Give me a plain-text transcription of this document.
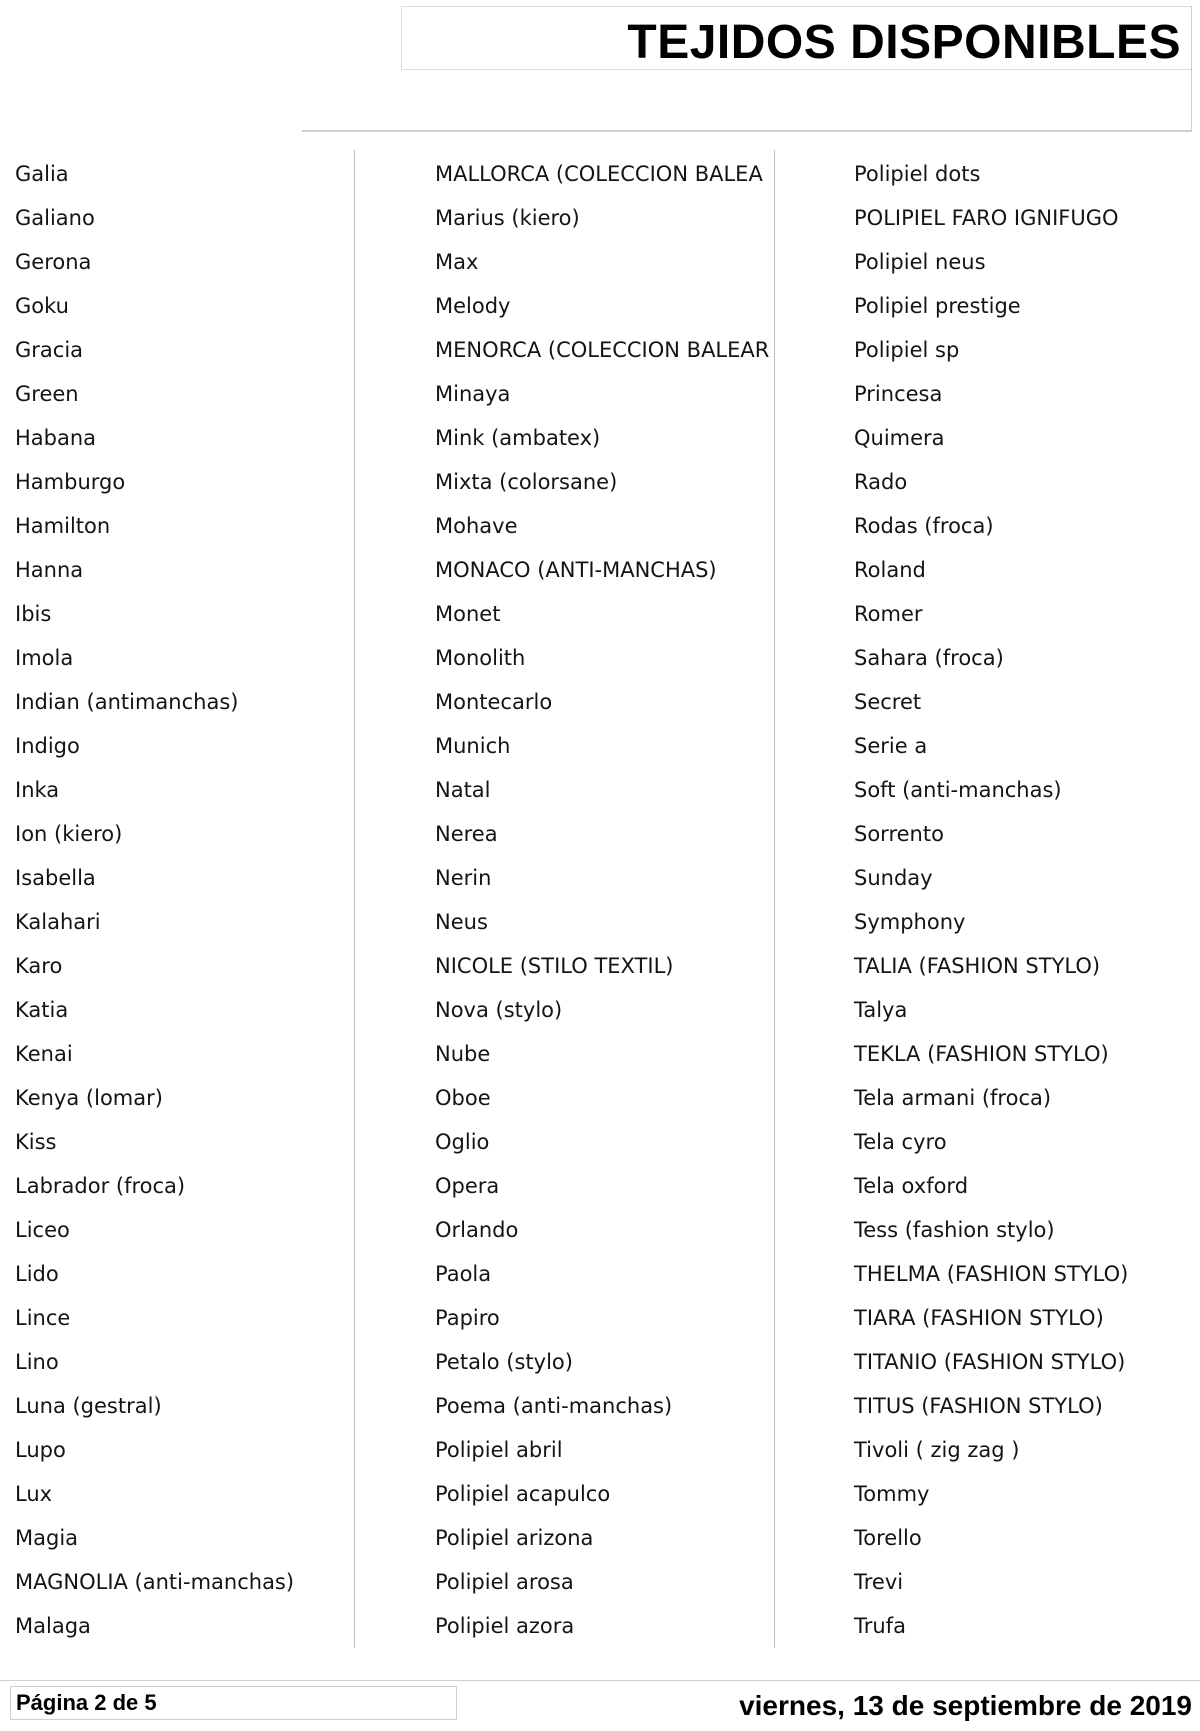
TEJIDOS DISPONIBLES
Galia
Galiano
Gerona
Goku
Gracia
Green
Habana
Hamburgo
Hamilton
Hanna
Ibis
Imola
Indian (antimanchas)
Indigo
Inka
Ion (kiero)
Isabella
Kalahari
Karo
Katia
Kenai
Kenya (lomar)
Kiss
Labrador (froca)
Liceo
Lido
Lince
Lino
Luna (gestral)
Lupo
Lux
Magia
MAGNOLIA (anti-manchas)
Malaga
MALLORCA (COLECCION BALEA
Marius (kiero)
Max
Melody
MENORCA (COLECCION BALEAR
Minaya
Mink (ambatex)
Mixta (colorsane)
Mohave
MONACO (ANTI-MANCHAS)
Monet
Monolith
Montecarlo
Munich
Natal
Nerea
Nerin
Neus
NICOLE (STILO TEXTIL)
Nova (stylo)
Nube
Oboe
Oglio
Opera
Orlando
Paola
Papiro
Petalo (stylo)
Poema (anti-manchas)
Polipiel abril
Polipiel acapulco
Polipiel arizona
Polipiel arosa
Polipiel azora
Polipiel dots
POLIPIEL FARO IGNIFUGO
Polipiel neus
Polipiel prestige
Polipiel sp
Princesa
Quimera
Rado
Rodas (froca)
Roland
Romer
Sahara (froca)
Secret
Serie a
Soft (anti-manchas)
Sorrento
Sunday
Symphony
TALIA (FASHION STYLO)
Talya
TEKLA (FASHION STYLO)
Tela armani (froca)
Tela cyro
Tela oxford
Tess (fashion stylo)
THELMA (FASHION STYLO)
TIARA (FASHION STYLO)
TITANIO (FASHION STYLO)
TITUS (FASHION STYLO)
Tivoli ( zig zag )
Tommy
Torello
Trevi
Trufa
Página 2 de 5	viernes, 13 de septiembre de 2019
